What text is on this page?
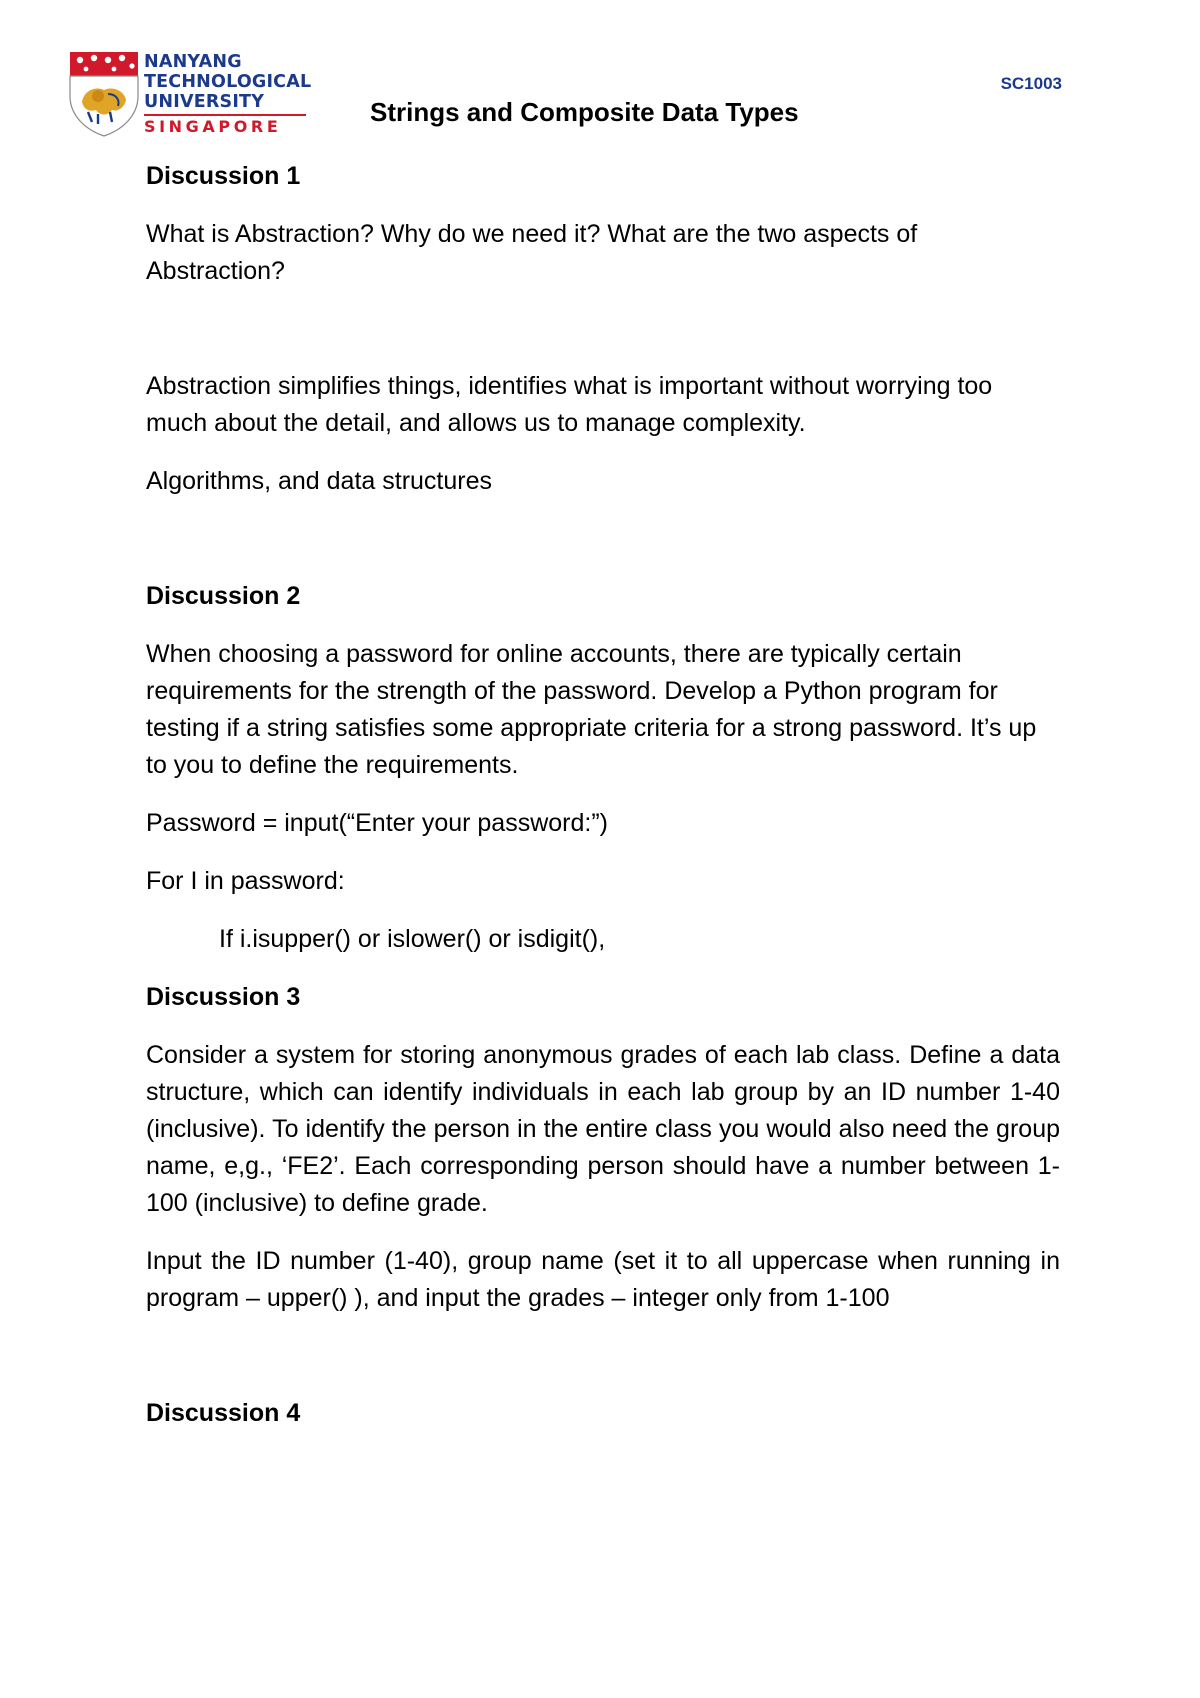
NANYANG
TECHNOLOGICAL
UNIVERSITY
SINGAPORE
SC1003
Strings and Composite Data Types
Discussion 1

What is Abstraction? Why do we need it? What are the two aspects of Abstraction?

Abstraction simplifies things, identifies what is important without worrying too much about the detail, and allows us to manage complexity.

Algorithms, and data structures

Discussion 2

When choosing a password for online accounts, there are typically certain requirements for the strength of the password. Develop a Python program for testing if a string satisfies some appropriate criteria for a strong password. It’s up to you to define the requirements.

Password = input(“Enter your password:”)

For I in password:

If i.isupper() or islower() or isdigit(),

Discussion 3

Consider a system for storing anonymous grades of each lab class. Define a data structure, which can identify individuals in each lab group by an ID number 1-40 (inclusive). To identify the person in the entire class you would also need the group name, e,g., ‘FE2’. Each corresponding person should have a number between 1-100 (inclusive) to define grade.

Input the ID number (1-40), group name (set it to all uppercase when running in program – upper() ), and input the grades – integer only from 1-100

Discussion 4
